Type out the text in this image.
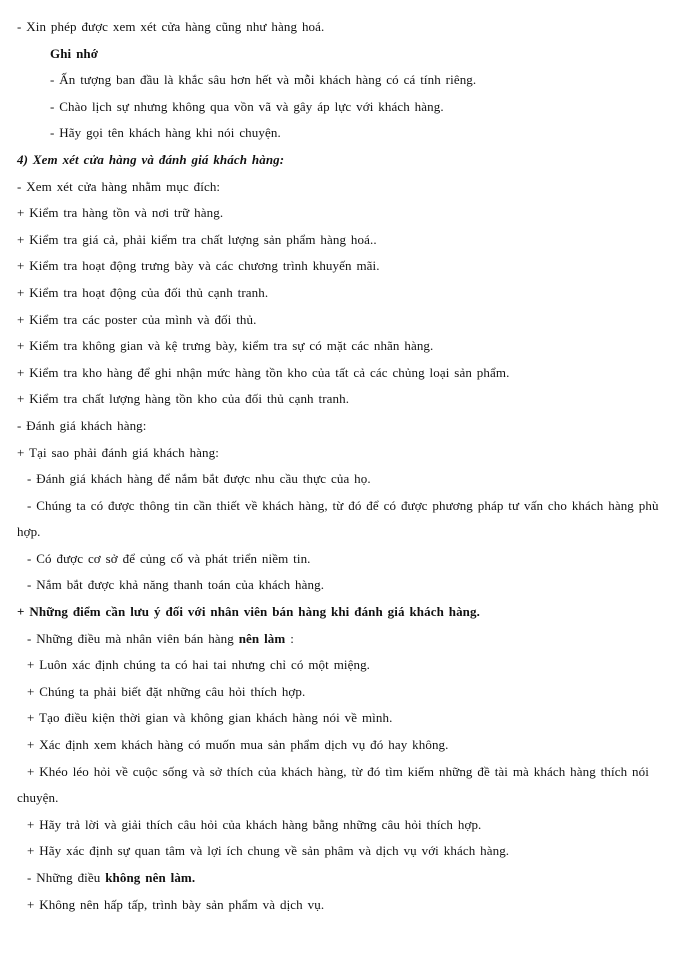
- Xin phép được xem xét cửa hàng cũng như hàng hoá.
Ghi nhớ
- Ấn tượng ban đầu là khắc sâu hơn hết và mỗi khách hàng có cá tính riêng.
- Chào lịch sự nhưng không qua vồn vã và gây áp lực với khách hàng.
- Hãy gọi tên khách hàng khi nói chuyện.
4) Xem xét cửa hàng và đánh giá khách hàng:
- Xem xét cửa hàng nhằm mục đích:
+ Kiểm tra hàng tồn và nơi trữ hàng.
+ Kiểm tra giá cả, phải kiểm tra chất lượng sản phẩm hàng hoá..
+ Kiểm tra hoạt động trưng bày và các chương trình khuyến mãi.
+ Kiểm tra hoạt động của đối thủ cạnh tranh.
+ Kiểm tra các poster của mình và đối thủ.
+ Kiểm tra không gian và kệ trưng bày, kiểm tra sự có mặt các nhãn hàng.
+ Kiểm tra kho hàng để ghi nhận mức hàng tồn kho của tất cả các chủng loại sản phẩm.
+ Kiểm tra chất lượng hàng tồn kho của đối thủ cạnh tranh.
- Đánh giá khách hàng:
+ Tại sao phải đánh giá khách hàng:
- Đánh giá khách hàng để nắm bắt được nhu cầu thực của họ.
- Chúng ta có được thông tin cần thiết về khách hàng, từ đó để có được phương pháp tư vấn cho khách hàng phù
hợp.
- Có được cơ sở để củng cố và phát triển niềm tin.
- Nắm bắt được khả năng thanh toán của khách hàng.
+ Những điểm cần lưu ý đối với nhân viên bán hàng khi đánh giá khách hàng.
- Những điều mà nhân viên bán hàng nên làm :
+ Luôn xác định chúng ta có hai tai nhưng chỉ có một miệng.
+ Chúng ta phải biết đặt những câu hỏi thích hợp.
+ Tạo điều kiện thời gian và không gian khách hàng nói về mình.
+ Xác định xem khách hàng có muốn mua sản phẩm dịch vụ đó hay không.
+ Khéo léo hỏi về cuộc sống và sở thích của khách hàng, từ đó tìm kiếm những đề tài mà khách hàng thích nói
chuyện.
+ Hãy trả lời và giải thích câu hỏi của khách hàng bằng những câu hỏi thích hợp.
+ Hãy xác định sự quan tâm và lợi ích chung về sản phâm và dịch vụ với khách hàng.
- Những điều không nên làm.
+ Không nên hấp tấp, trình bày sản phẩm và dịch vụ.
